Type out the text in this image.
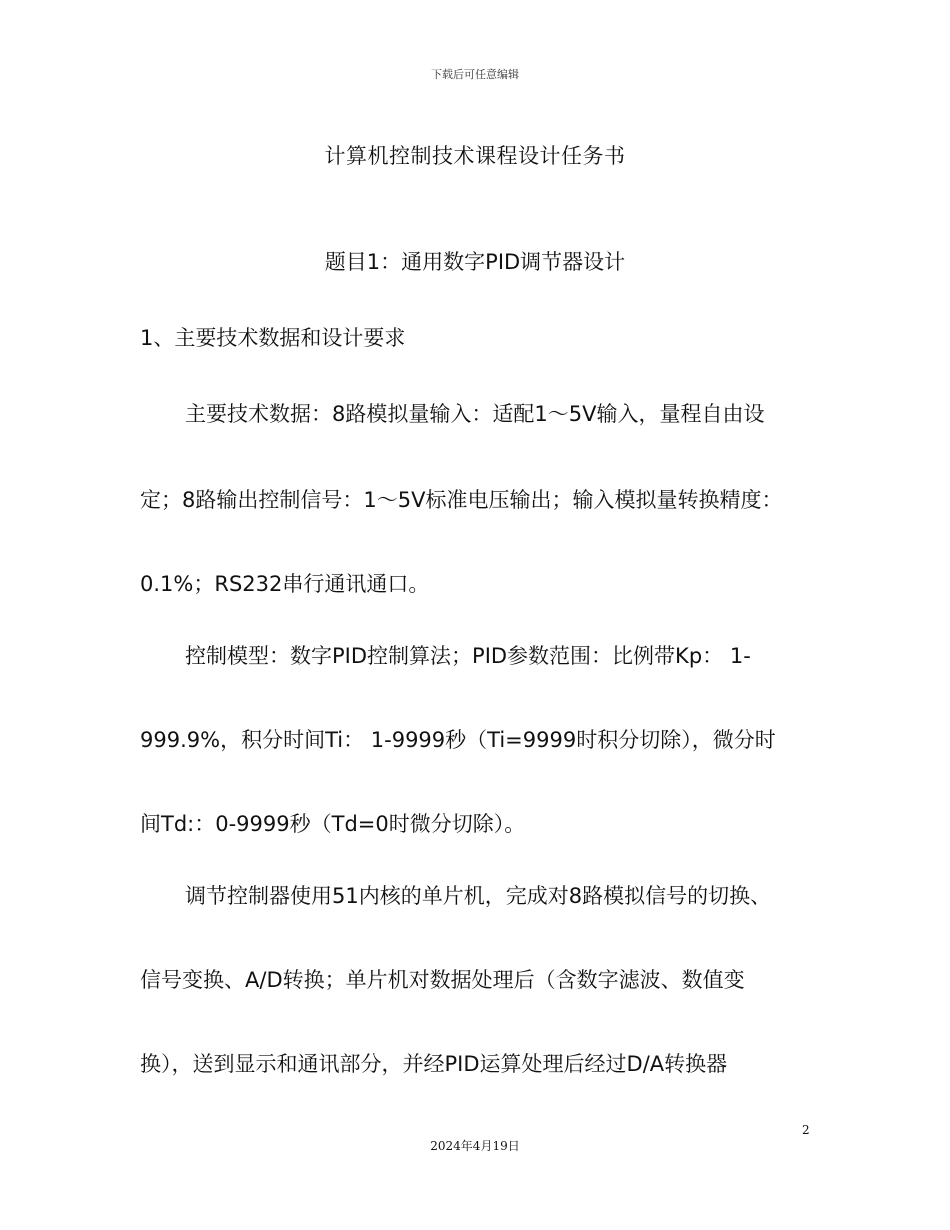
下载后可任意编辑
计算机控制技术课程设计任务书
题目1：通用数字PID调节器设计
1、主要技术数据和设计要求
主要技术数据：8路模拟量输入：适配1～5V输入，量程自由设
定；8路输出控制信号：1～5V标准电压输出；输入模拟量转换精度：
0.1%；RS232串行通讯通口。
控制模型：数字PID控制算法；PID参数范围：比例带Kp： 1-
999.9%，积分时间Ti： 1-9999秒（Ti=9999时积分切除），微分时
间Td:：0-9999秒（Td=0时微分切除）。
调节控制器使用51内核的单片机，完成对8路模拟信号的切换、
信号变换、A/D转换；单片机对数据处理后（含数字滤波、数值变
换），送到显示和通讯部分，并经PID运算处理后经过D/A转换器
2
2024年4月19日
